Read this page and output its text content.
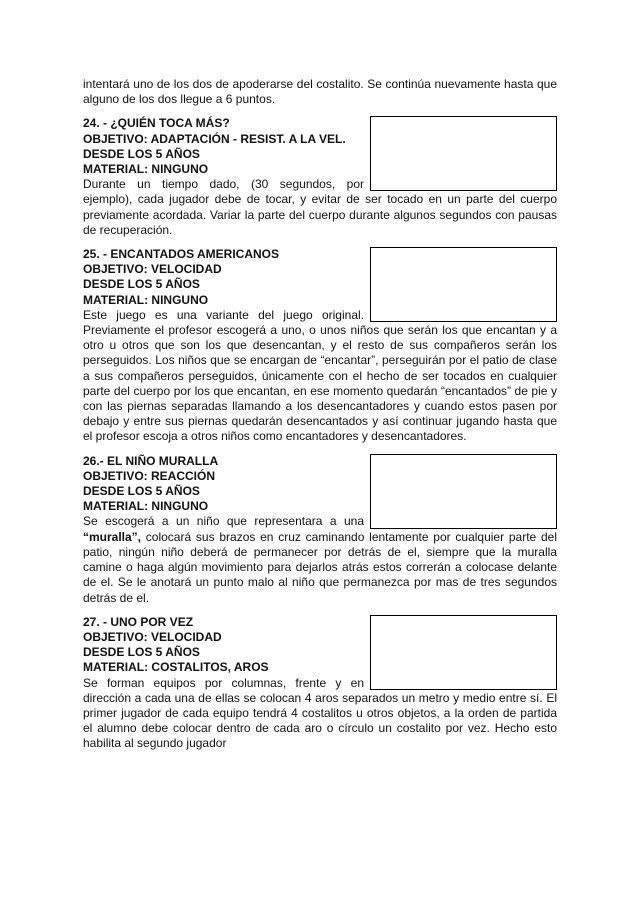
intentará uno de los dos de apoderarse del costalito. Se continúa nuevamente hasta que alguno de los dos llegue a 6 puntos.

24. - ¿QUIÉN TOCA MÁS?

OBJETIVO: ADAPTACIÓN - RESIST. A LA VEL.

DESDE LOS 5 AÑOS

MATERIAL: NINGUNO

Durante un tiempo dado, (30 segundos, por ejemplo), cada jugador debe de tocar, y evitar de ser tocado en un parte del cuerpo previamente acordada. Variar la parte del cuerpo durante algunos segundos con pausas de recuperación.

25. - ENCANTADOS AMERICANOS

OBJETIVO: VELOCIDAD

DESDE LOS 5 AÑOS

MATERIAL: NINGUNO

Este juego es una variante del juego original. Previamente el profesor escogerá a uno, o unos niños que serán los que encantan y a otro u otros que son los que desencantan, y el resto de sus compañeros serán los perseguidos. Los niños que se encargan de “encantar”, perseguirán por el patio de clase a sus compañeros perseguidos, únicamente con el hecho de ser tocados en cualquier parte del cuerpo por los que encantan, en ese momento quedarán “encantados” de pie y con las piernas separadas llamando a los desencantadores y cuando estos pasen por debajo y entre sus piernas quedarán desencantados y así continuar jugando hasta que el profesor escoja a otros niños como encantadores y desencantadores.

26.- EL NIÑO MURALLA

OBJETIVO: REACCIÓN

DESDE LOS 5 AÑOS

MATERIAL: NINGUNO

Se escogerá a un niño que representara a una “muralla”, colocará sus brazos en cruz caminando lentamente por cualquier parte del patio, ningún niño deberá de permanecer por detrás de el, siempre que la muralla camine o haga algún movimiento para dejarlos atrás estos correrán a colocase delante de el. Se le anotará un punto malo al niño que permanezca por mas de tres segundos detrás de el.

27. - UNO POR VEZ

OBJETIVO: VELOCIDAD

DESDE LOS 5 AÑOS

MATERIAL: COSTALITOS, AROS

Se forman equipos por columnas, frente y en dirección a cada una de ellas se colocan 4 aros separados un metro y medio entre sí. El primer jugador de cada equipo tendrá 4 costalitos u otros objetos, a la orden de partida el alumno debe colocar dentro de cada aro o círculo un costalito por vez. Hecho esto habilita al segundo jugador
